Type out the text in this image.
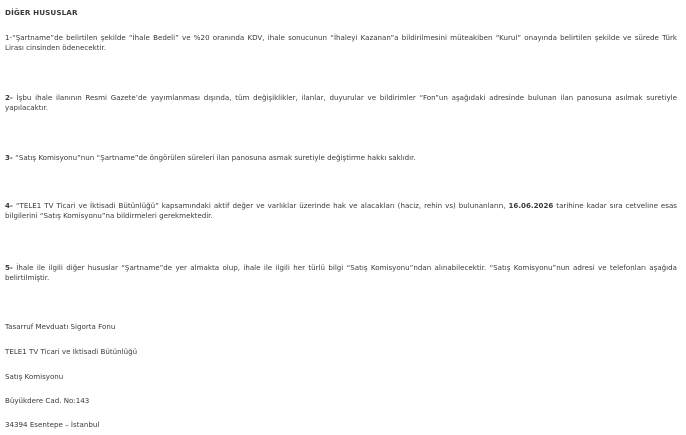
DİĞER HUSUSLAR
1-“Şartname”de belirtilen şekilde “İhale Bedeli” ve %20 oranında KDV, ihale sonucunun “İhaleyi Kazanan”a bildirilmesini müteakiben “Kurul” onayında belirtilen şekilde ve sürede Türk Lirası cinsinden ödenecektir.
2- İşbu ihale ilanının Resmi Gazete’de yayımlanması dışında, tüm değişiklikler, ilanlar, duyurular ve bildirimler “Fon”un aşağıdaki adresinde bulunan ilan panosuna asılmak suretiyle yapılacaktır.
3- “Satış Komisyonu”nun “Şartname”de öngörülen süreleri ilan panosuna asmak suretiyle değiştirme hakkı saklıdır.
4- “TELE1 TV Ticari ve İktisadi Bütünlüğü” kapsamındaki aktif değer ve varlıklar üzerinde hak ve alacakları (haciz, rehin vs) bulunanların, 16.06.2026 tarihine kadar sıra cetveline esas bilgilerini “Satış Komisyonu”na bildirmeleri gerekmektedir.
5- İhale ile ilgili diğer hususlar “Şartname”de yer almakta olup, ihale ile ilgili her türlü bilgi “Satış Komisyonu”ndan alınabilecektir. “Satış Komisyonu”nun adresi ve telefonları aşağıda belirtilmiştir.
Tasarruf Mevduatı Sigorta Fonu
TELE1 TV Ticari ve İktisadi Bütünlüğü
Satış Komisyonu
Büyükdere Cad. No:143
34394 Esentepe – İstanbul
